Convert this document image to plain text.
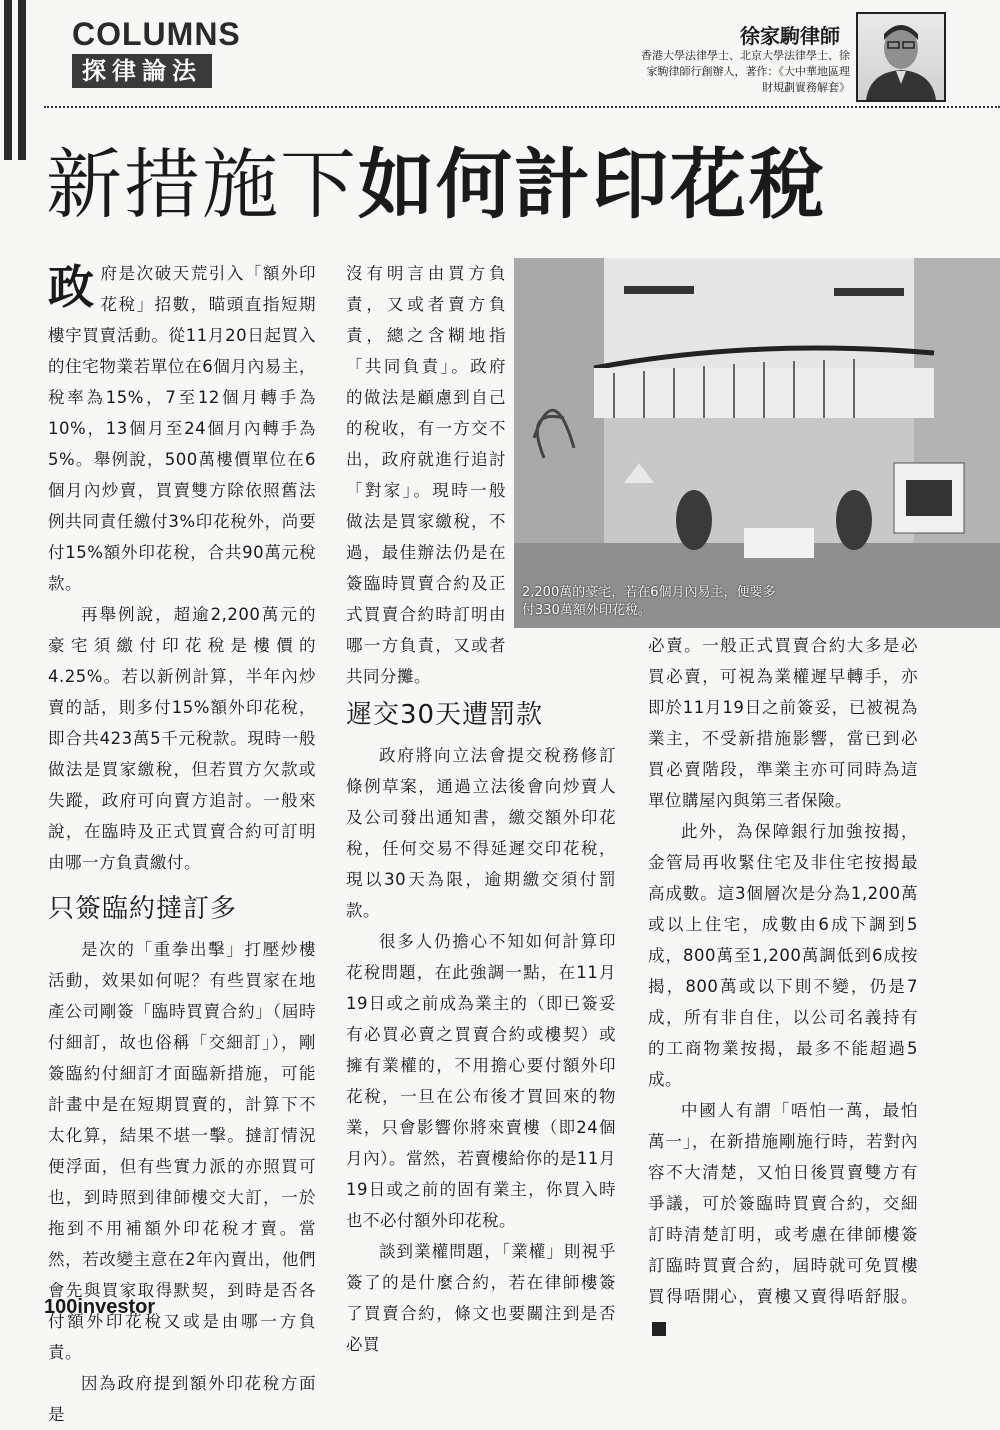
COLUMNS
探律論法
徐家駒律師
香港大學法律學士、北京大學法律學士、徐家駒律師行創辦人，著作：《大中華地區理財規劃實務解套》
新措施下如何計印花稅

政府是次破天荒引入「額外印花稅」招數，瞄頭直指短期樓宇買賣活動。從11月20日起買入的住宅物業若單位在6個月內易主，稅率為15%，7至12個月轉手為10%，13個月至24個月內轉手為5%。舉例說，500萬樓價單位在6個月內炒賣，買賣雙方除依照舊法例共同責任繳付3%印花稅外，尚要付15%額外印花稅，合共90萬元稅款。

再舉例說，超逾2,200萬元的豪宅須繳付印花稅是樓價的4.25%。若以新例計算，半年內炒賣的話，則多付15%額外印花稅，即合共423萬5千元稅款。現時一般做法是買家繳稅，但若買方欠款或失蹤，政府可向賣方追討。一般來說，在臨時及正式買賣合約可訂明由哪一方負責繳付。

只簽臨約撻訂多

是次的「重拳出擊」打壓炒樓活動，效果如何呢？有些買家在地產公司剛簽「臨時買賣合約」（屆時付細訂，故也俗稱「交細訂」），剛簽臨約付細訂才面臨新措施，可能計畫中是在短期買賣的，計算下不太化算，結果不堪一擊。撻訂情況便浮面，但有些實力派的亦照買可也，到時照到律師樓交大訂，一於拖到不用補額外印花稅才賣。當然，若改變主意在2年內賣出，他們會先與買家取得默契，到時是否各付額外印花稅又或是由哪一方負責。

因為政府提到額外印花稅方面是

沒有明言由買方負責，又或者賣方負責，總之含糊地指「共同負責」。政府的做法是顧慮到自己的稅收，有一方交不出，政府就進行追討「對家」。現時一般做法是買家繳稅，不過，最佳辦法仍是在簽臨時買賣合約及正式買賣合約時訂明由哪一方負責，又或者共同分攤。

遲交30天遭罰款

政府將向立法會提交稅務修訂條例草案，通過立法後會向炒賣人及公司發出通知書，繳交額外印花稅，任何交易不得延遲交印花稅，現以30天為限，逾期繳交須付罰款。

很多人仍擔心不知如何計算印花稅問題，在此強調一點，在11月19日或之前成為業主的（即已簽妥有必買必賣之買賣合約或樓契）或擁有業權的，不用擔心要付額外印花稅，一旦在公布後才買回來的物業，只會影響你將來賣樓（即24個月內）。當然，若賣樓給你的是11月19日或之前的固有業主，你買入時也不必付額外印花稅。

談到業權問題，「業權」則視乎簽了的是什麼合約，若在律師樓簽了買賣合約，條文也要關注到是否必買

2,200萬的豪宅，若在6個月內易主，便要多付330萬額外印花稅。

必賣。一般正式買賣合約大多是必買必賣，可視為業權遲早轉手，亦即於11月19日之前簽妥，已被視為業主，不受新措施影響，當已到必買必賣階段，準業主亦可同時為這單位購屋內與第三者保險。

此外，為保障銀行加強按揭，金管局再收緊住宅及非住宅按揭最高成數。這3個層次是分為1,200萬或以上住宅，成數由6成下調到5成，800萬至1,200萬調低到6成按揭，800萬或以下則不變，仍是7成，所有非自住，以公司名義持有的工商物業按揭，最多不能超過5成。

中國人有謂「唔怕一萬，最怕萬一」，在新措施剛施行時，若對內容不大清楚，又怕日後買賣雙方有爭議，可於簽臨時買賣合約，交細訂時清楚訂明，或考慮在律師樓簽訂臨時買賣合約，屆時就可免買樓買得唔開心，賣樓又賣得唔舒服。

100investor
